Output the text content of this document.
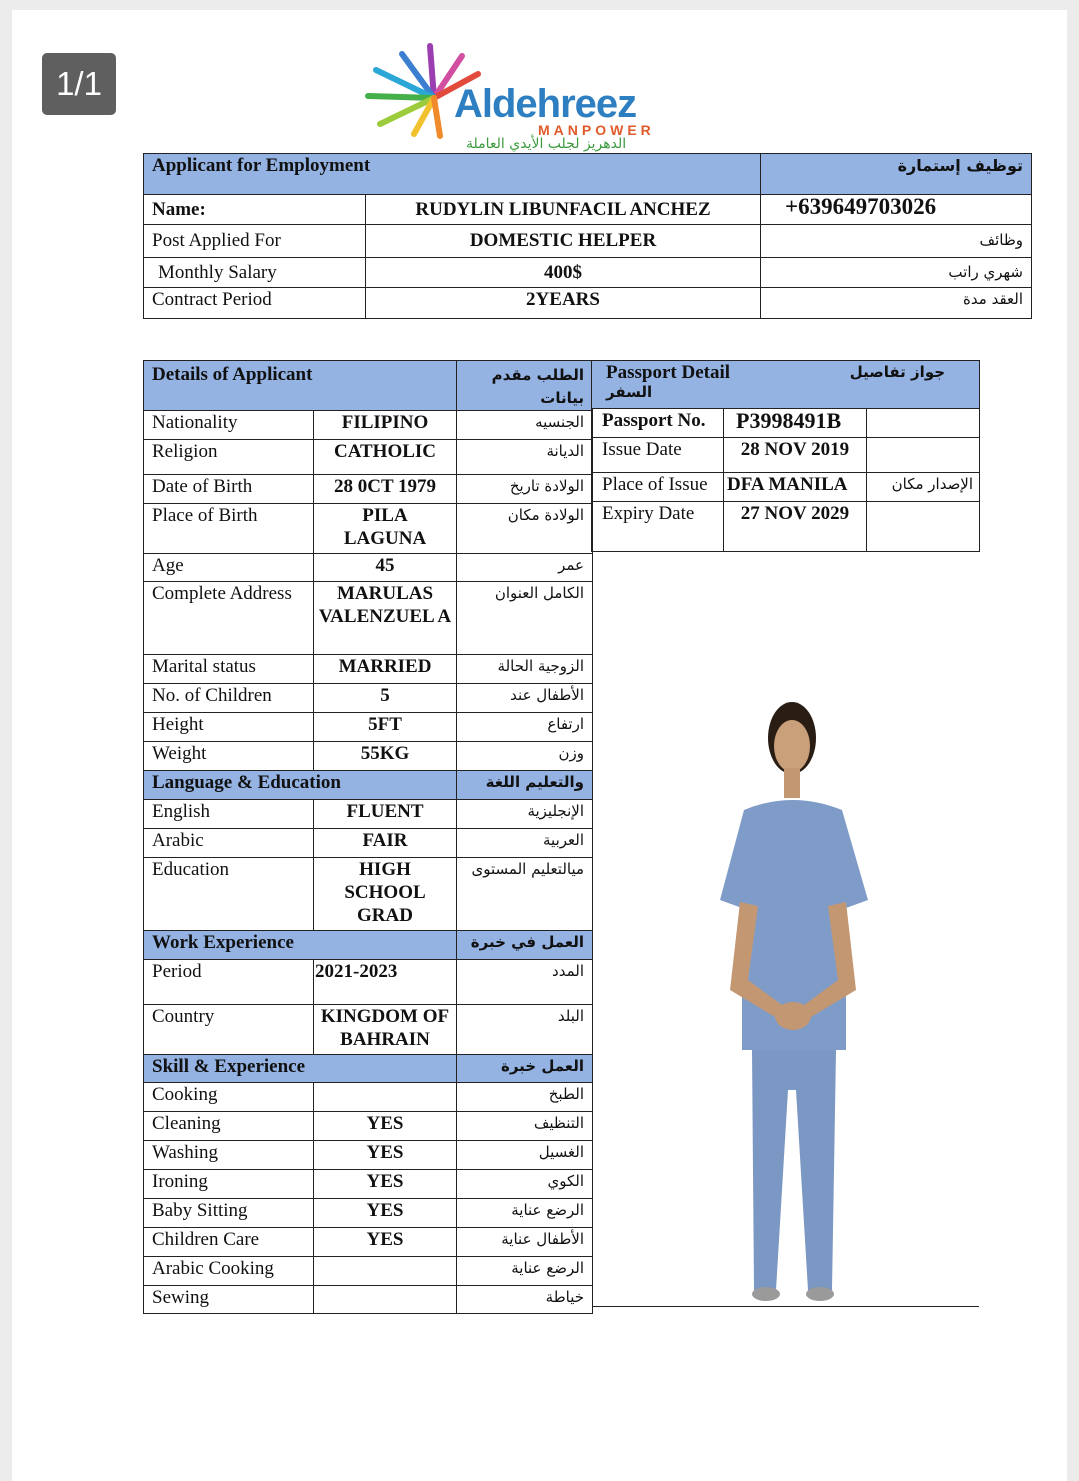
1/1	Aldehreez
MANPOWER
الدهريز لجلب الأيدي العاملة
Applicant for Employment		توظيف إستمارة
Name:	RUDYLIN LIBUNFACIL ANCHEZ	+639649703026
Post Applied For	DOMESTIC HELPER	وظائف
Monthly Salary	400$	شهري راتب
Contract Period	2YEARS	العقد مدة
Details of Applicant		الطلب مقدم بيانات
Nationality	FILIPINO	الجنسيه
Religion	CATHOLIC	الديانة
Date of Birth	28 0CT 1979	الولادة تاريخ
Place of Birth	PILA LAGUNA	الولادة مكان
Age	45	عمر
Complete Address	MARULAS VALENZUEL A	الكامل العنوان
Marital status	MARRIED	الزوجية الحالة
No. of Children	5	الأطفال عند
Height	5FT	ارتفاع
Weight	55KG	وزن
Language & Education		والتعليم اللغة
English	FLUENT	الإنجليزية
Arabic	FAIR	العربية
Education	HIGH SCHOOL GRAD	ميالتعليم المستوى
Work Experience		العمل في خبرة
Period	2021-2023	المدد
Country	KINGDOM OF BAHRAIN	البلد
Skill & Experience		العمل خبرة
Cooking		الطبخ
Cleaning	YES	التنظيف
Washing	YES	الغسيل
Ironing	YES	الكوي
Baby Sitting	YES	الرضع عناية
Children Care	YES	الأطفال عناية
Arabic Cooking		الرضع عناية
Sewing		خياطة
Passport Detail جواز تفاصيل
السفر		

Passport No.	P3998491B	
Issue Date	28 NOV 2019	
Place of Issue	DFA MANILA	الإصدار مكان
Expiry Date	27 NOV 2029	
